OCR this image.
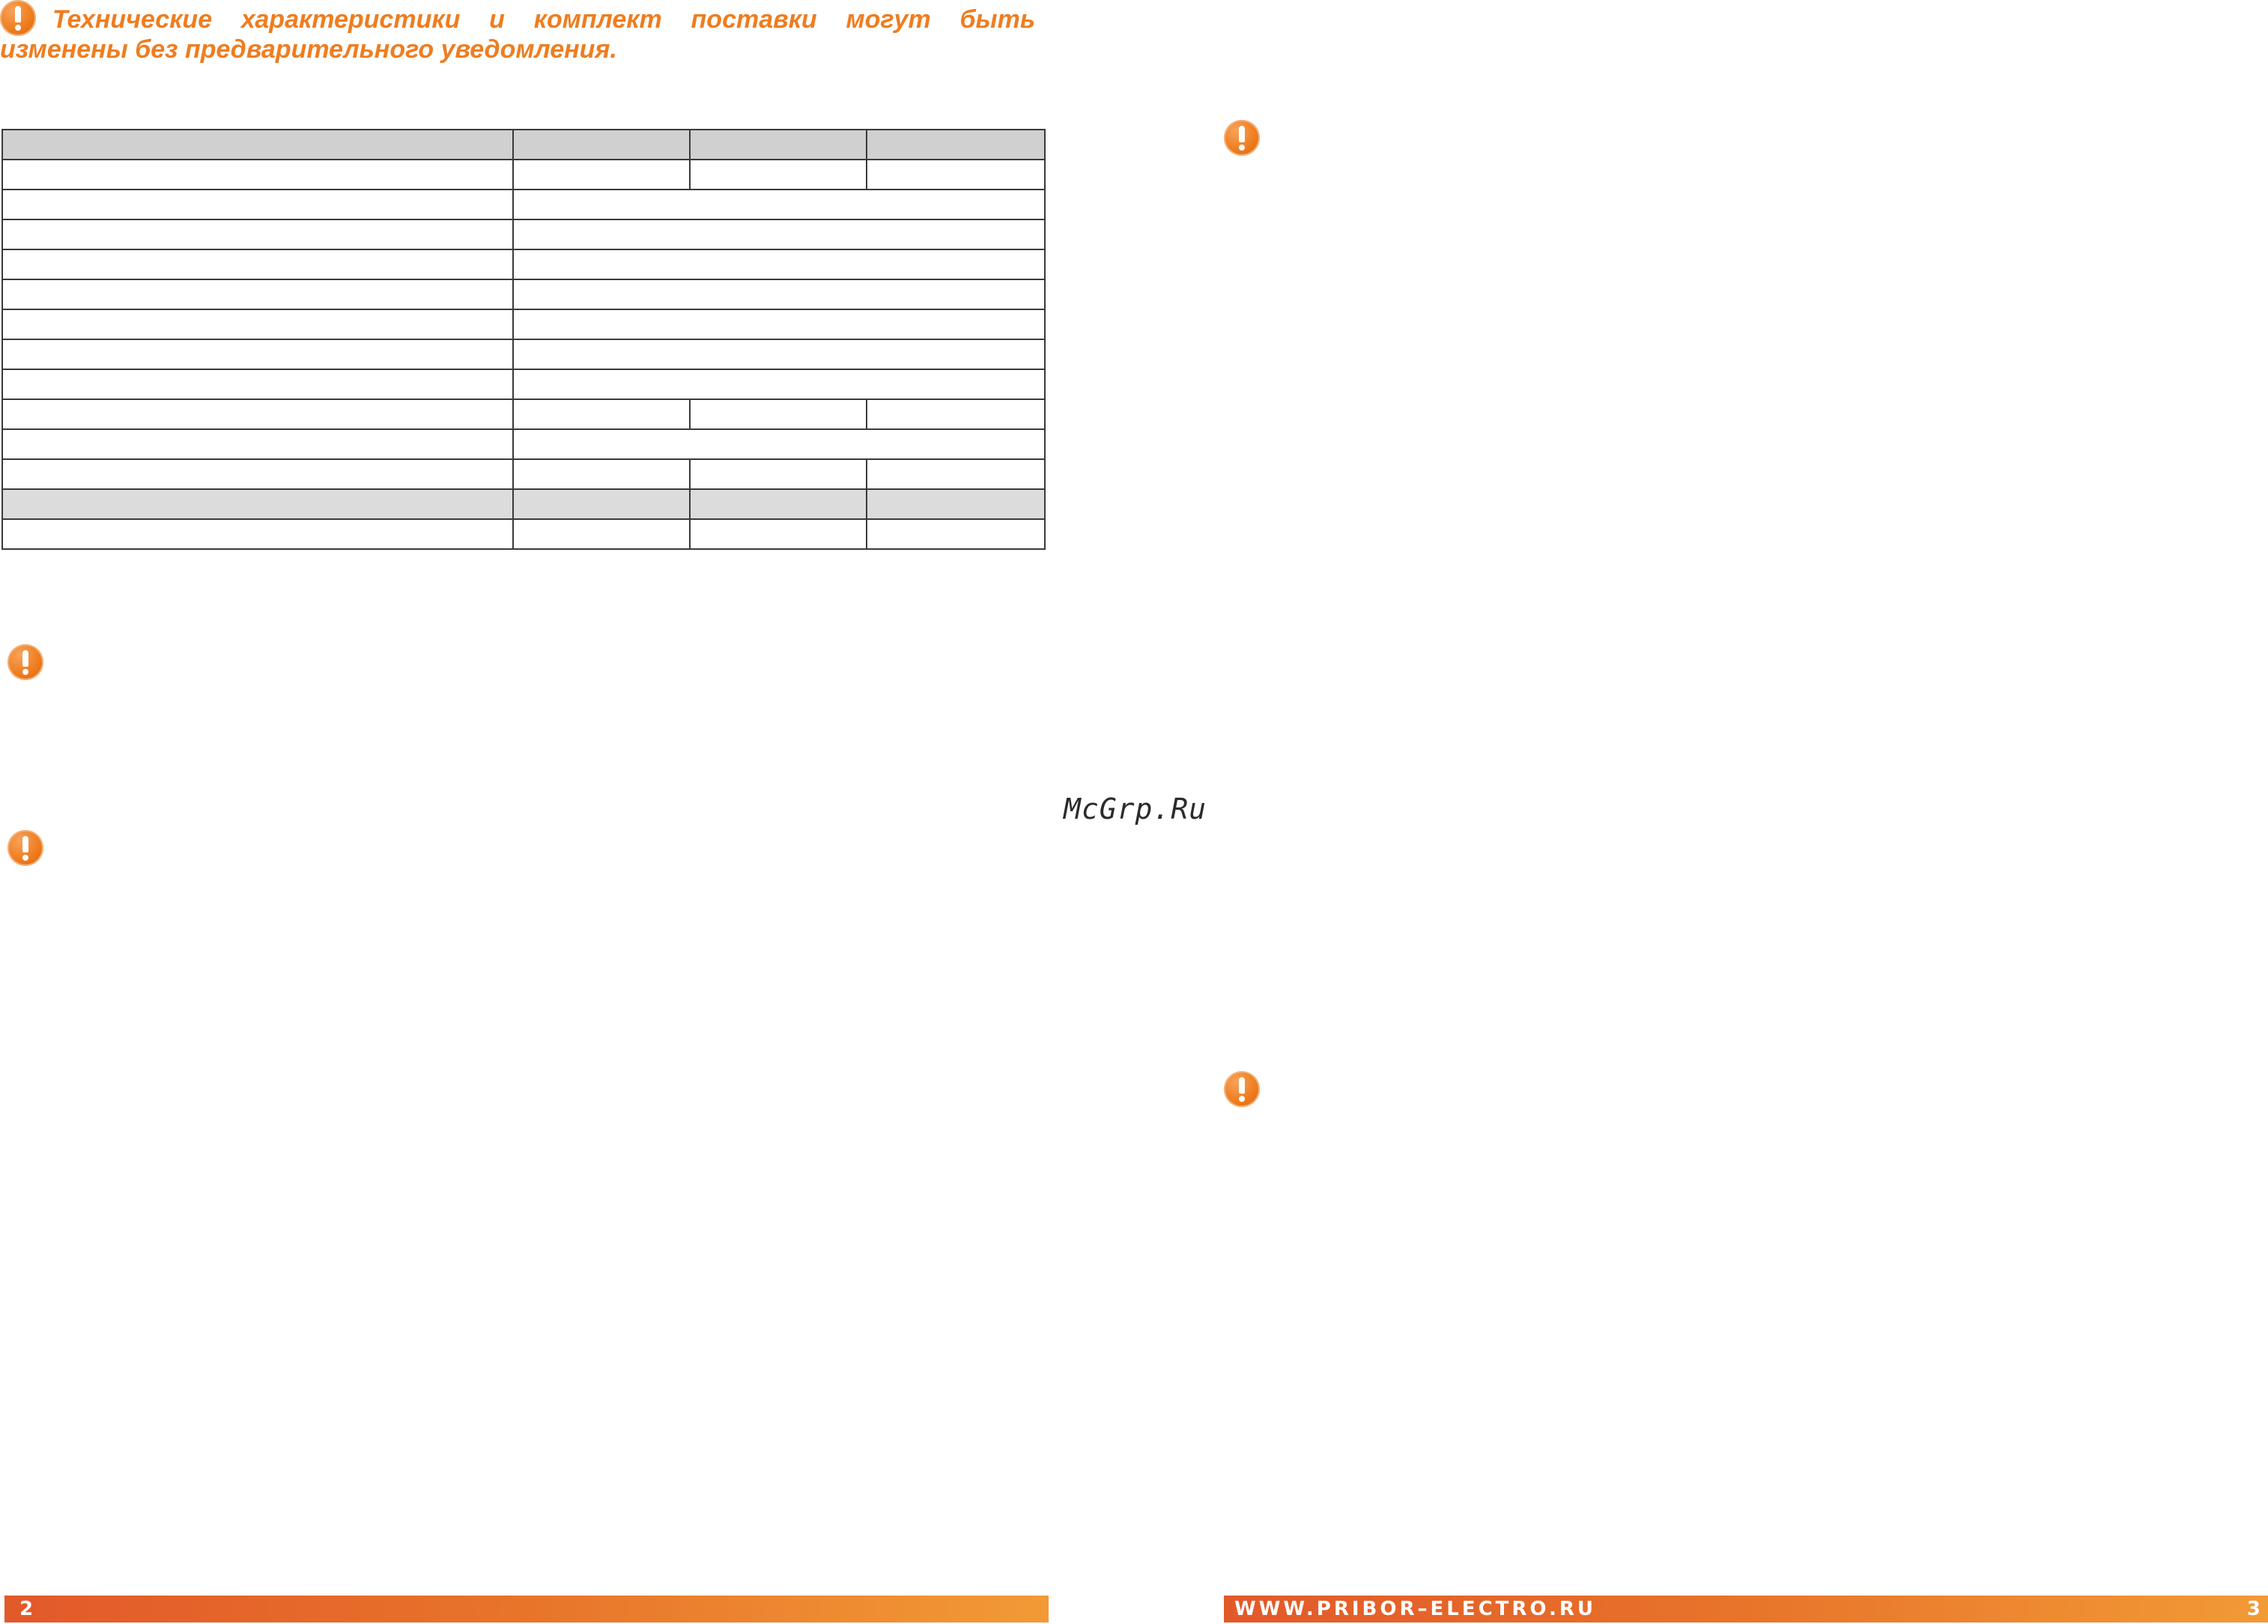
Технические характеристики и комплект поставки могут быть изменены без предварительного уведомления.

McGrp.Ru
2	WWW.PRIBOR–ELECTRO.RU	3
